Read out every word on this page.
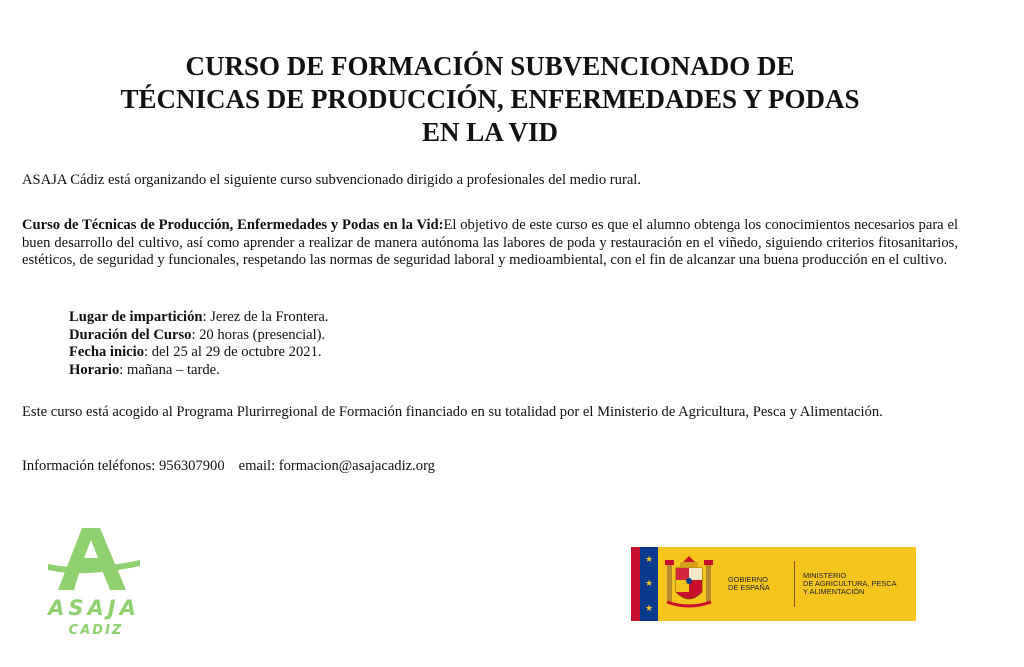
CURSO DE FORMACIÓN SUBVENCIONADO DE
TÉCNICAS DE PRODUCCIÓN, ENFERMEDADES Y PODAS
EN LA VID

ASAJA Cádiz está organizando el siguiente curso subvencionado dirigido a profesionales del medio rural.

Curso de Técnicas de Producción, Enfermedades y Podas en la Vid:El objetivo de este curso es que el alumno obtenga los conocimientos necesarios para el buen desarrollo del cultivo, así como aprender a realizar de manera autónoma las labores de poda y restauración en el viñedo, siguiendo criterios fitosanitarios, estéticos, de seguridad y funcionales, respetando las normas de seguridad laboral y medioambiental, con el fin de alcanzar una buena producción en el cultivo.

Lugar de impartición: Jerez de la Frontera.
Duración del Curso: 20 horas (presencial).
Fecha inicio: del 25 al 29 de octubre 2021.
Horario: mañana – tarde.

Este curso está acogido al Programa Plurirregional de Formación financiado en su totalidad por el Ministerio de Agricultura, Pesca y Alimentación.

Información teléfonos: 956307900 email: formacion@asajacadiz.org

ASAJA
CADIZ
★
★
★
GOBIERNO
DE ESPAÑA
MINISTERIO
DE AGRICULTURA, PESCA
Y ALIMENTACIÓN
